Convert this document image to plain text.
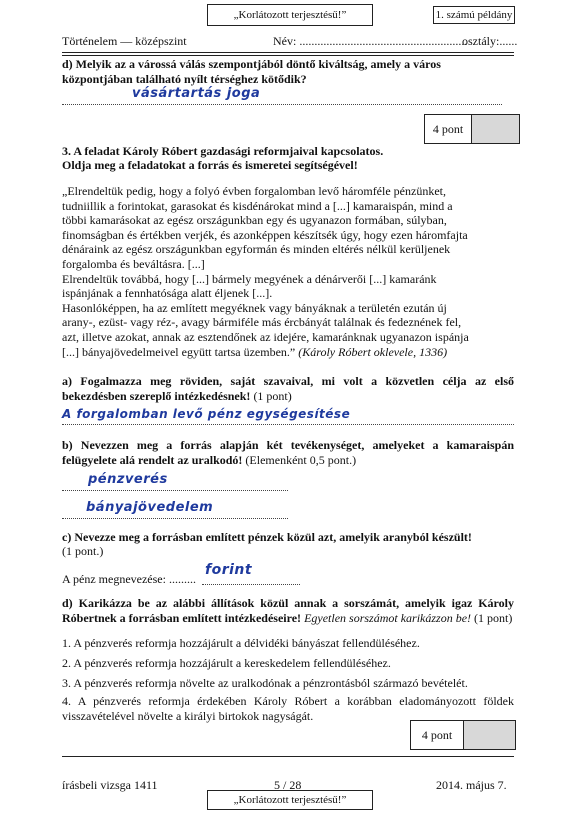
„Korlátozott terjesztésű!”	1. számú példány
Történelem — középszint	Név: ........................................................
osztály:......
d) Melyik az a várossá válás szempontjából döntő kiváltság, amely a város központjában található nyílt térséghez kötődik?
vásártartás joga
4 pont
3. A feladat Károly Róbert gazdasági reformjaival kapcsolatos.
Oldja meg a feladatokat a forrás és ismeretei segítségével!

„Elrendeltük pedig, hogy a folyó évben forgalomban levő háromféle pénzünket,

tudniillik a forintokat, garasokat és kisdénárokat mind a [...] kamaraispán, mind a

többi kamarásokat az egész országunkban egy és ugyanazon formában, súlyban,

finomságban és értékben verjék, és azonképpen készítsék úgy, hogy ezen háromfajta

dénáraink az egész országunkban egyformán és minden eltérés nélkül kerüljenek

forgalomba és beváltásra. [...]

Elrendeltük továbbá, hogy [...] bármely megyének a dénárverői [...] kamaránk

ispánjának a fennhatósága alatt éljenek [...].

Hasonlóképpen, ha az említett megyéknek vagy bányáknak a területén ezután új

arany-, ezüst- vagy réz-, avagy bármiféle más ércbányát találnak és fedeznének fel,

azt, illetve azokat, annak az esztendőnek az idejére, kamaránknak ugyanazon ispánja

[...] bányajövedelmeivel együtt tartsa üzemben.” (Károly Róbert oklevele, 1336)

a) Fogalmazza meg röviden, saját szavaival, mi volt a közvetlen célja az első bekezdésben szereplő intézkedésnek! (1 pont)
A forgalomban levő pénz egységesítése
b) Nevezzen meg a forrás alapján két tevékenységet, amelyeket a kamaraispán felügyelete alá rendelt az uralkodó! (Elemenként 0,5 pont.)
pénzverés
bányajövedelem
c) Nevezze meg a forrásban említett pénzek közül azt, amelyik aranyból készült!
(1 pont.)
A pénz megnevezése: .........
forint
d) Karikázza be az alábbi állítások közül annak a sorszámát, amelyik igaz Károly Róbertnek a forrásban említett intézkedéseire! Egyetlen sorszámot karikázzon be! (1 pont)
1. A pénzverés reformja hozzájárult a délvidéki bányászat fellendüléséhez.
2. A pénzverés reformja hozzájárult a kereskedelem fellendüléséhez.
3. A pénzverés reformja növelte az uralkodónak a pénzrontásból származó bevételét.
4. A pénzverés reformja érdekében Károly Róbert a korábban eladományozott földek visszavételével növelte a királyi birtokok nagyságát.
4 pont
írásbeli vizsga 1411	5 / 28	2014. május 7.
„Korlátozott terjesztésű!”
